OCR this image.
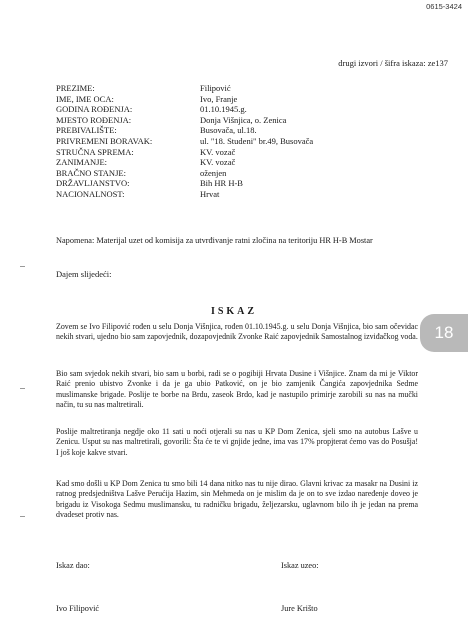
0615-3424
drugi izvori / šifra iskaza: ze137
PREZIME:	Filipović
IME, IME OCA:	Ivo, Franje
GODINA ROĐENJA:	01.10.1945.g.
MJESTO ROĐENJA:	Donja Višnjica, o. Zenica
PREBIVALIŠTE:	Busovača, ul.18.
PRIVREMENI BORAVAK:	ul. "18. Studeni" br.49, Busovača
STRUČNA SPREMA:	KV. vozač
ZANIMANJE:	KV. vozač
BRAČNO STANJE:	oženjen
DRŽAVLJANSTVO:	Bih HR H-B
NACIONALNOST:	Hrvat
Napomena: Materijal uzet od komisija za utvrđivanje ratni zločina na teritoriju HR H-B Mostar
Dajem slijedeći:
ISKAZ
Zovem se Ivo Filipović rođen u selu Donja Višnjica, rođen 01.10.1945.g. u selu Donja Višnjica, bio sam očevidac nekih stvari, ujedno bio sam zapovjednik, dozapovjednik Zvonke Raić zapovjednik Samostalnog izviđačkog voda.
Bio sam svjedok nekih stvari, bio sam u borbi, radi se o pogibiji Hrvata Dusine i Višnjice. Znam da mi je Viktor Raić prenio ubistvo Zvonke i da je ga ubio Patković, on je bio zamjenik Čangića zapovjednika Sedme muslimanske brigade. Poslije te borbe na Brdu, zaseok Brdo, kad je nastupilo primirje zarobili su nas na mučki način, tu su nas maltretirali.
Poslije maltretiranja negdje oko 11 sati u noći otjerali su nas u KP Dom Zenica, sjeli smo na autobus Lašve u Zenicu. Usput su nas maltretirali, govorili: Šta će te vi gnjide jedne, ima vas 17% propjterat ćemo vas do Posušja! I još koje kakve stvari.
Kad smo došli u KP Dom Zenica tu smo bili 14 dana nitko nas tu nije dirao. Glavni krivac za masakr na Dusini iz ratnog predsjedništva Lašve Perućija Hazim, sin Mehmeda on je mislim da je on to sve izdao naređenje doveo je brigadu iz Visokoga Sedmu muslimansku, tu radničku brigadu, željezarsku, uglavnom bilo ih je jedan na prema dvadeset protiv nas.
Iskaz dao:	Iskaz uzeo:
Ivo Filipović	Jure Krišto
18
